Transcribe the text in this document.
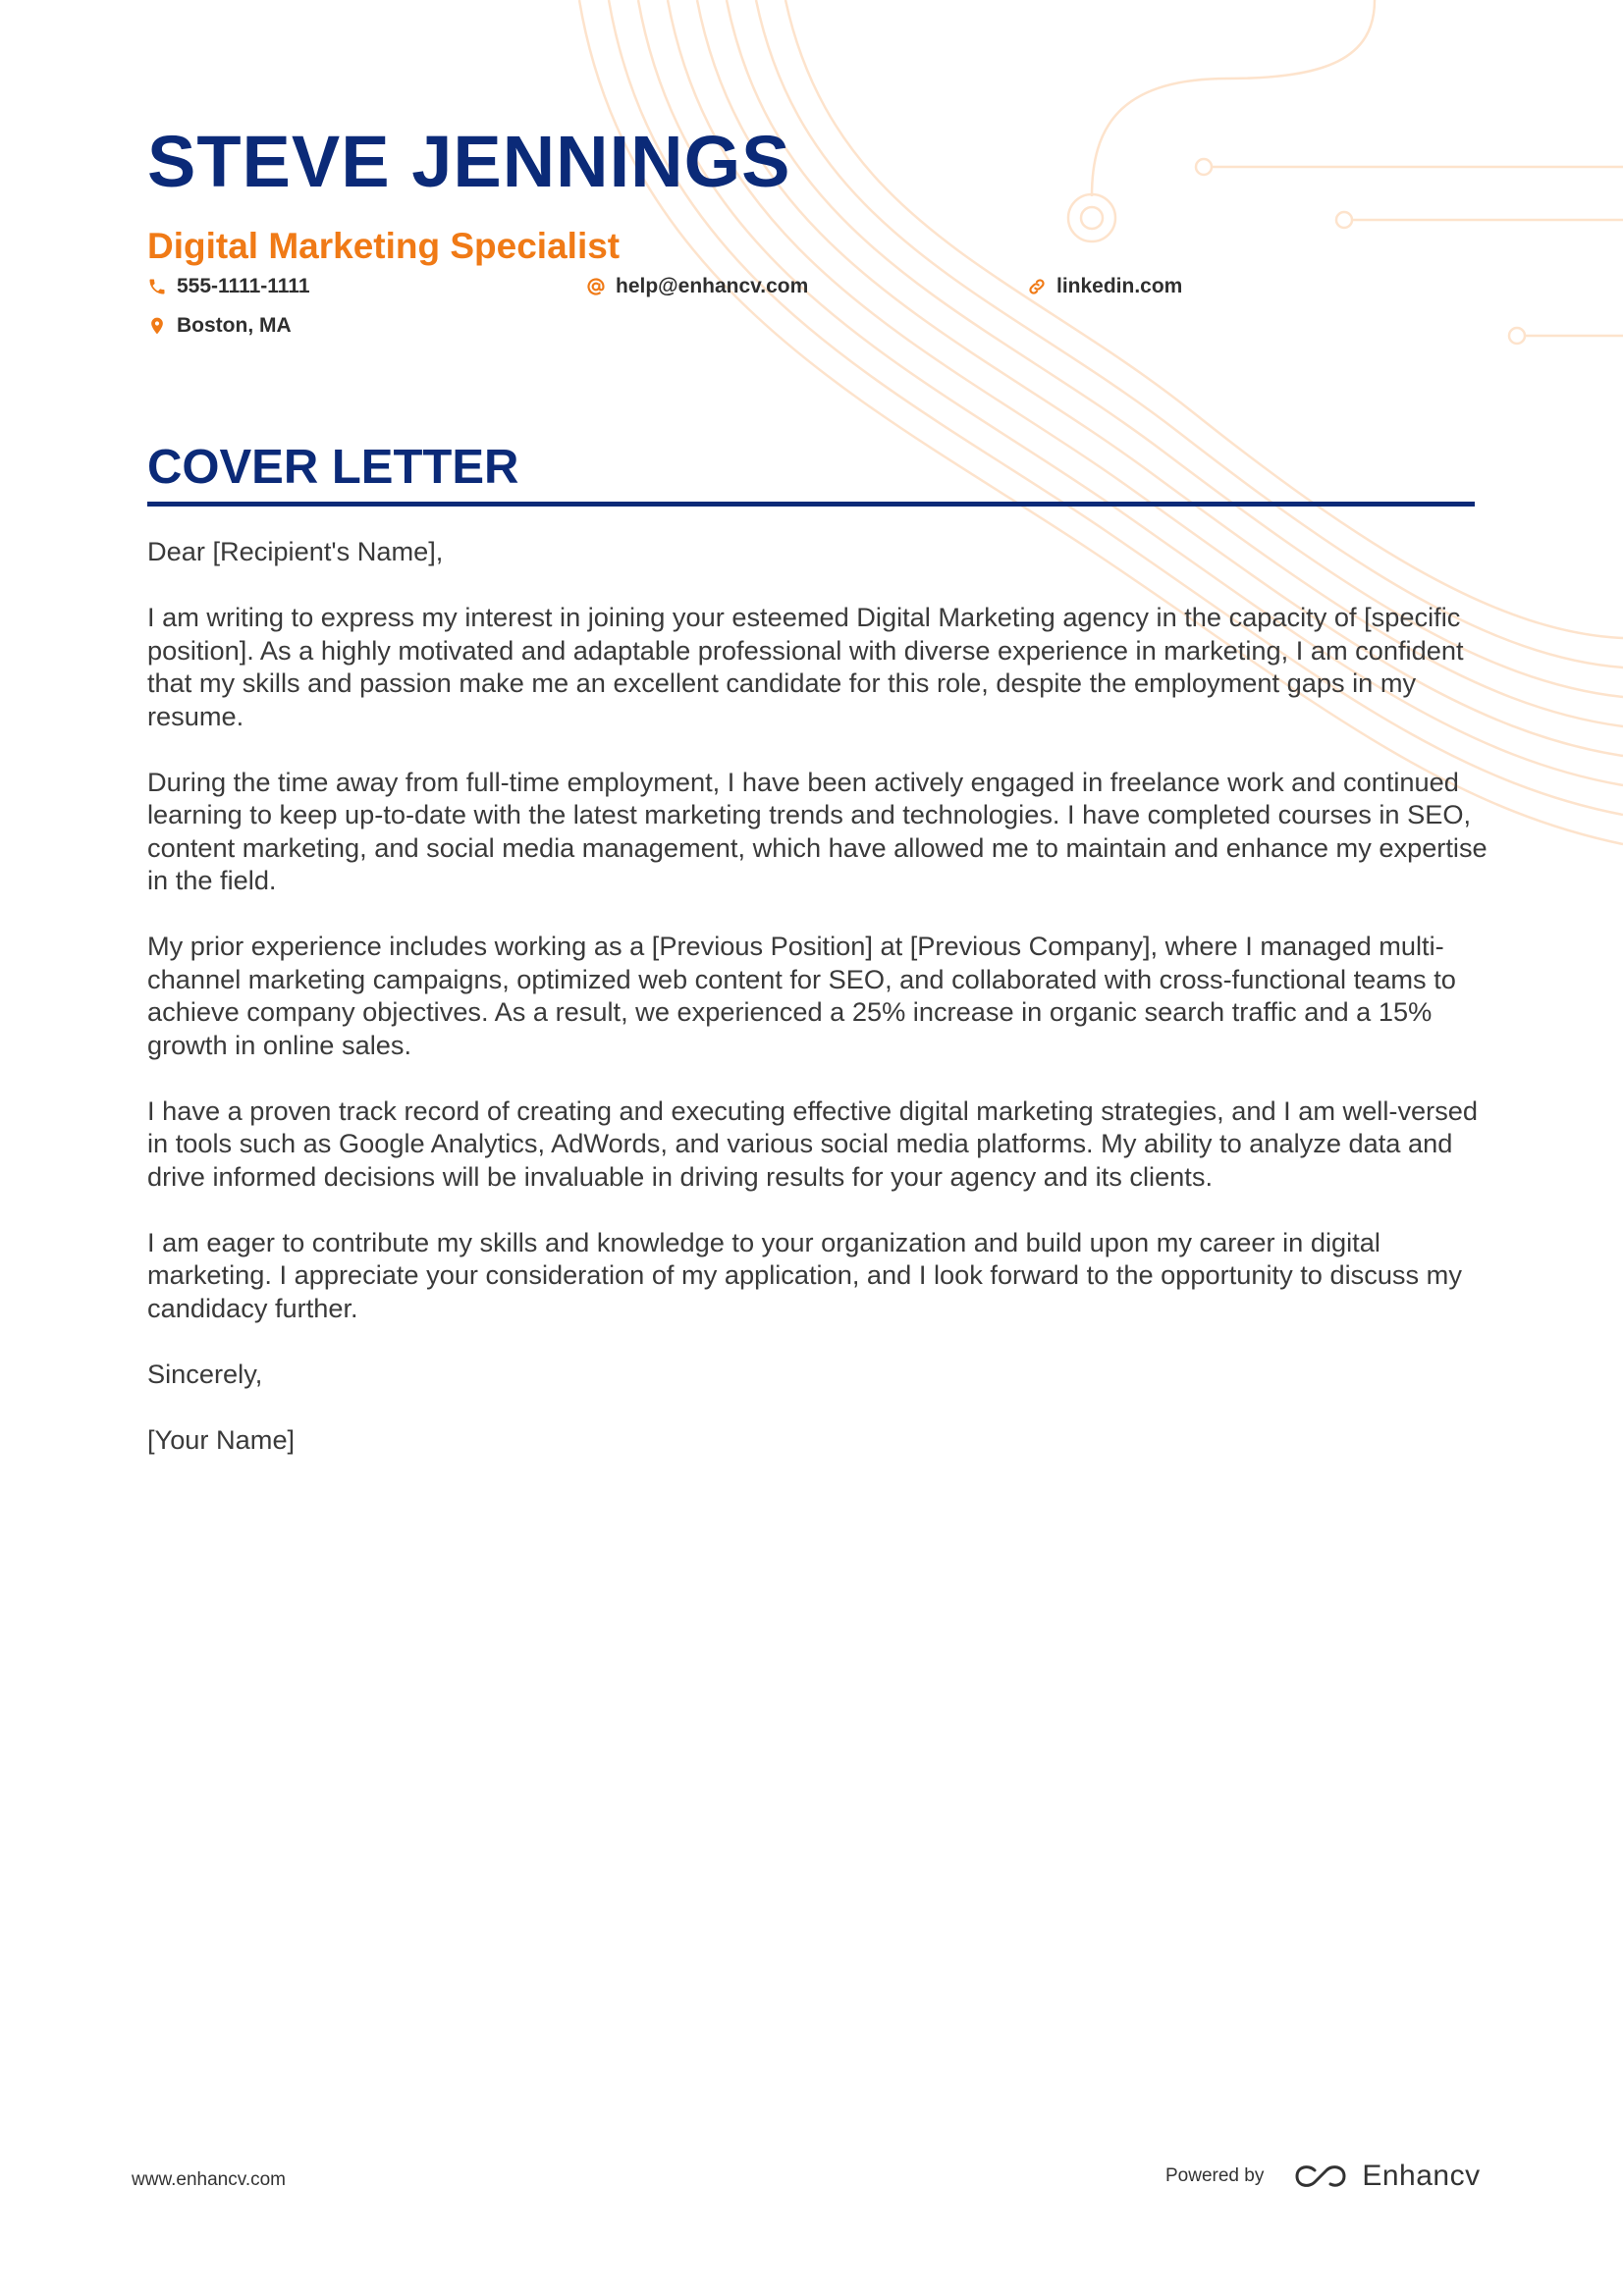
STEVE JENNINGS
Digital Marketing Specialist
555-1111-1111	help@enhancv.com	linkedin.com
Boston, MA
COVER LETTER

Dear [Recipient's Name],

I am writing to express my interest in joining your esteemed Digital Marketing agency in the capacity of [specific position]. As a highly motivated and adaptable professional with diverse experience in marketing, I am confident that my skills and passion make me an excellent candidate for this role, despite the employment gaps in my resume.

During the time away from full-time employment, I have been actively engaged in freelance work and continued learning to keep up-to-date with the latest marketing trends and technologies. I have completed courses in SEO, content marketing, and social media management, which have allowed me to maintain and enhance my expertise in the field.

My prior experience includes working as a [Previous Position] at [Previous Company], where I managed multi-channel marketing campaigns, optimized web content for SEO, and collaborated with cross-functional teams to achieve company objectives. As a result, we experienced a 25% increase in organic search traffic and a 15% growth in online sales.

I have a proven track record of creating and executing effective digital marketing strategies, and I am well-versed in tools such as Google Analytics, AdWords, and various social media platforms. My ability to analyze data and drive informed decisions will be invaluable in driving results for your agency and its clients.

I am eager to contribute my skills and knowledge to your organization and build upon my career in digital marketing. I appreciate your consideration of my application, and I look forward to the opportunity to discuss my candidacy further.

Sincerely,

[Your Name]

www.enhancv.com	Powered by	Enhancv
